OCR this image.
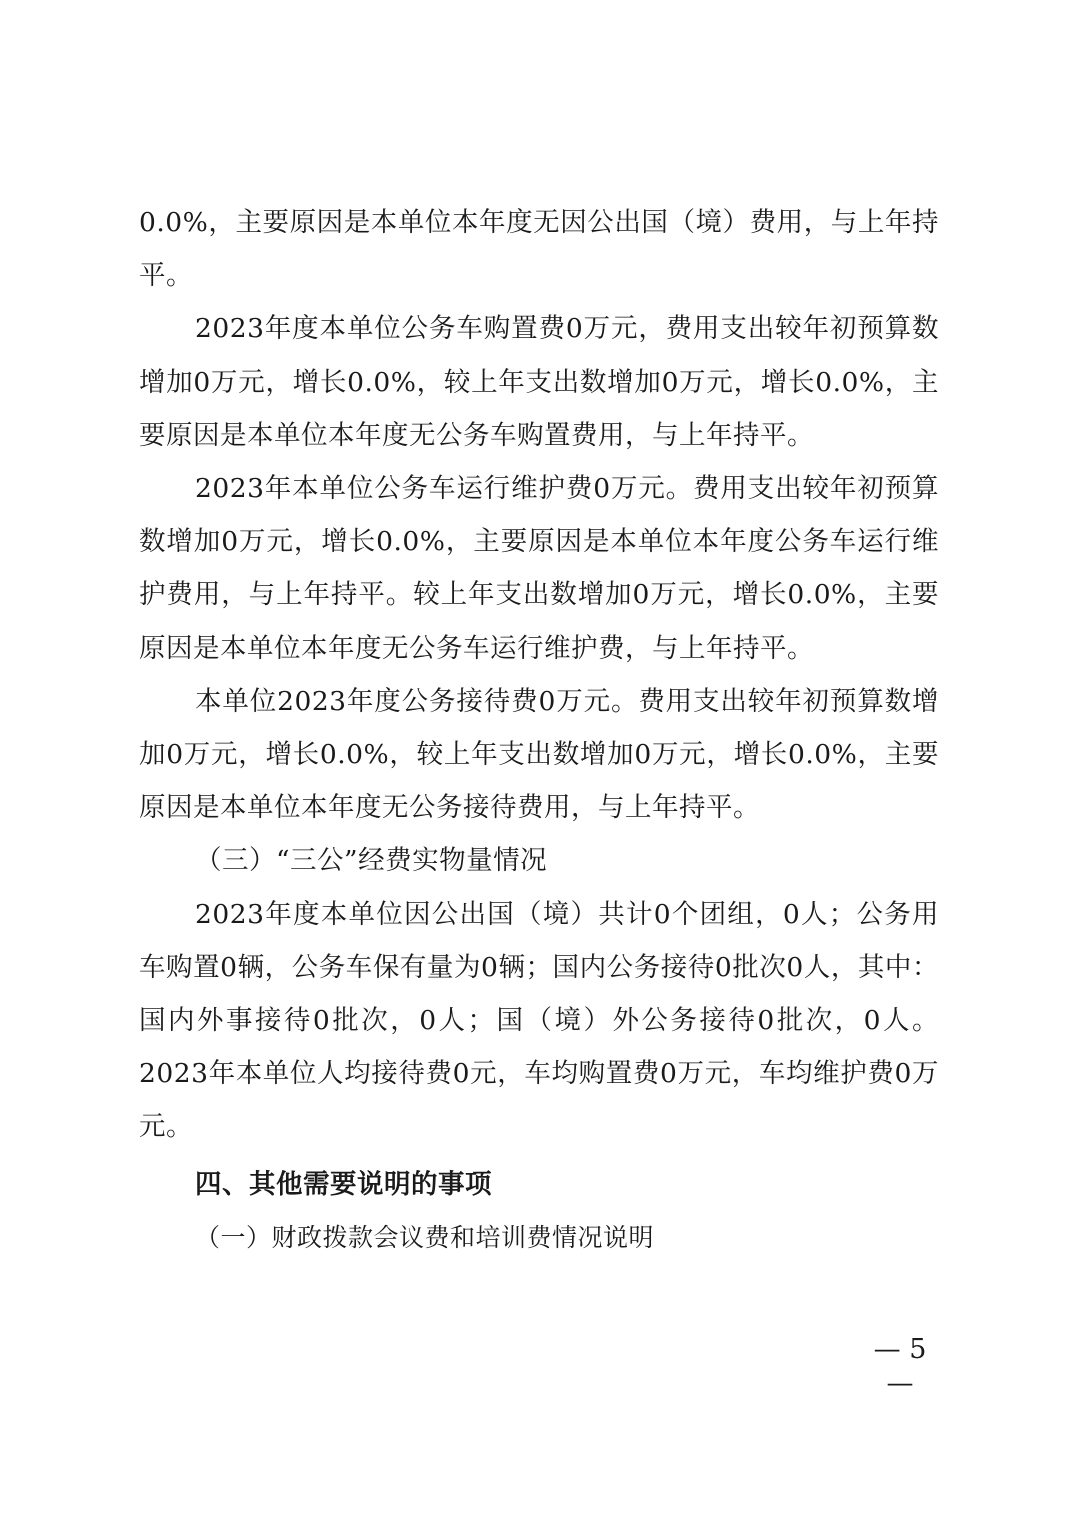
0.0%，主要原因是本单位本年度无因公出国（境）费用，与上年持平。

2023年度本单位公务车购置费0万元，费用支出较年初预算数增加0万元，增长0.0%，较上年支出数增加0万元，增长0.0%，主要原因是本单位本年度无公务车购置费用，与上年持平。

2023年本单位公务车运行维护费0万元。费用支出较年初预算数增加0万元，增长0.0%，主要原因是本单位本年度公务车运行维护费用，与上年持平。较上年支出数增加0万元，增长0.0%，主要原因是本单位本年度无公务车运行维护费，与上年持平。

本单位2023年度公务接待费0万元。费用支出较年初预算数增加0万元，增长0.0%，较上年支出数增加0万元，增长0.0%，主要原因是本单位本年度无公务接待费用，与上年持平。

（三）“三公”经费实物量情况

2023年度本单位因公出国（境）共计0个团组，0人；公务用车购置0辆，公务车保有量为0辆；国内公务接待0批次0人，其中：国内外事接待0批次，0人；国（境）外公务接待0批次，0人。2023年本单位人均接待费0元，车均购置费0万元，车均维护费0万元。

四、其他需要说明的事项

（一）财政拨款会议费和培训费情况说明

— 5 —
